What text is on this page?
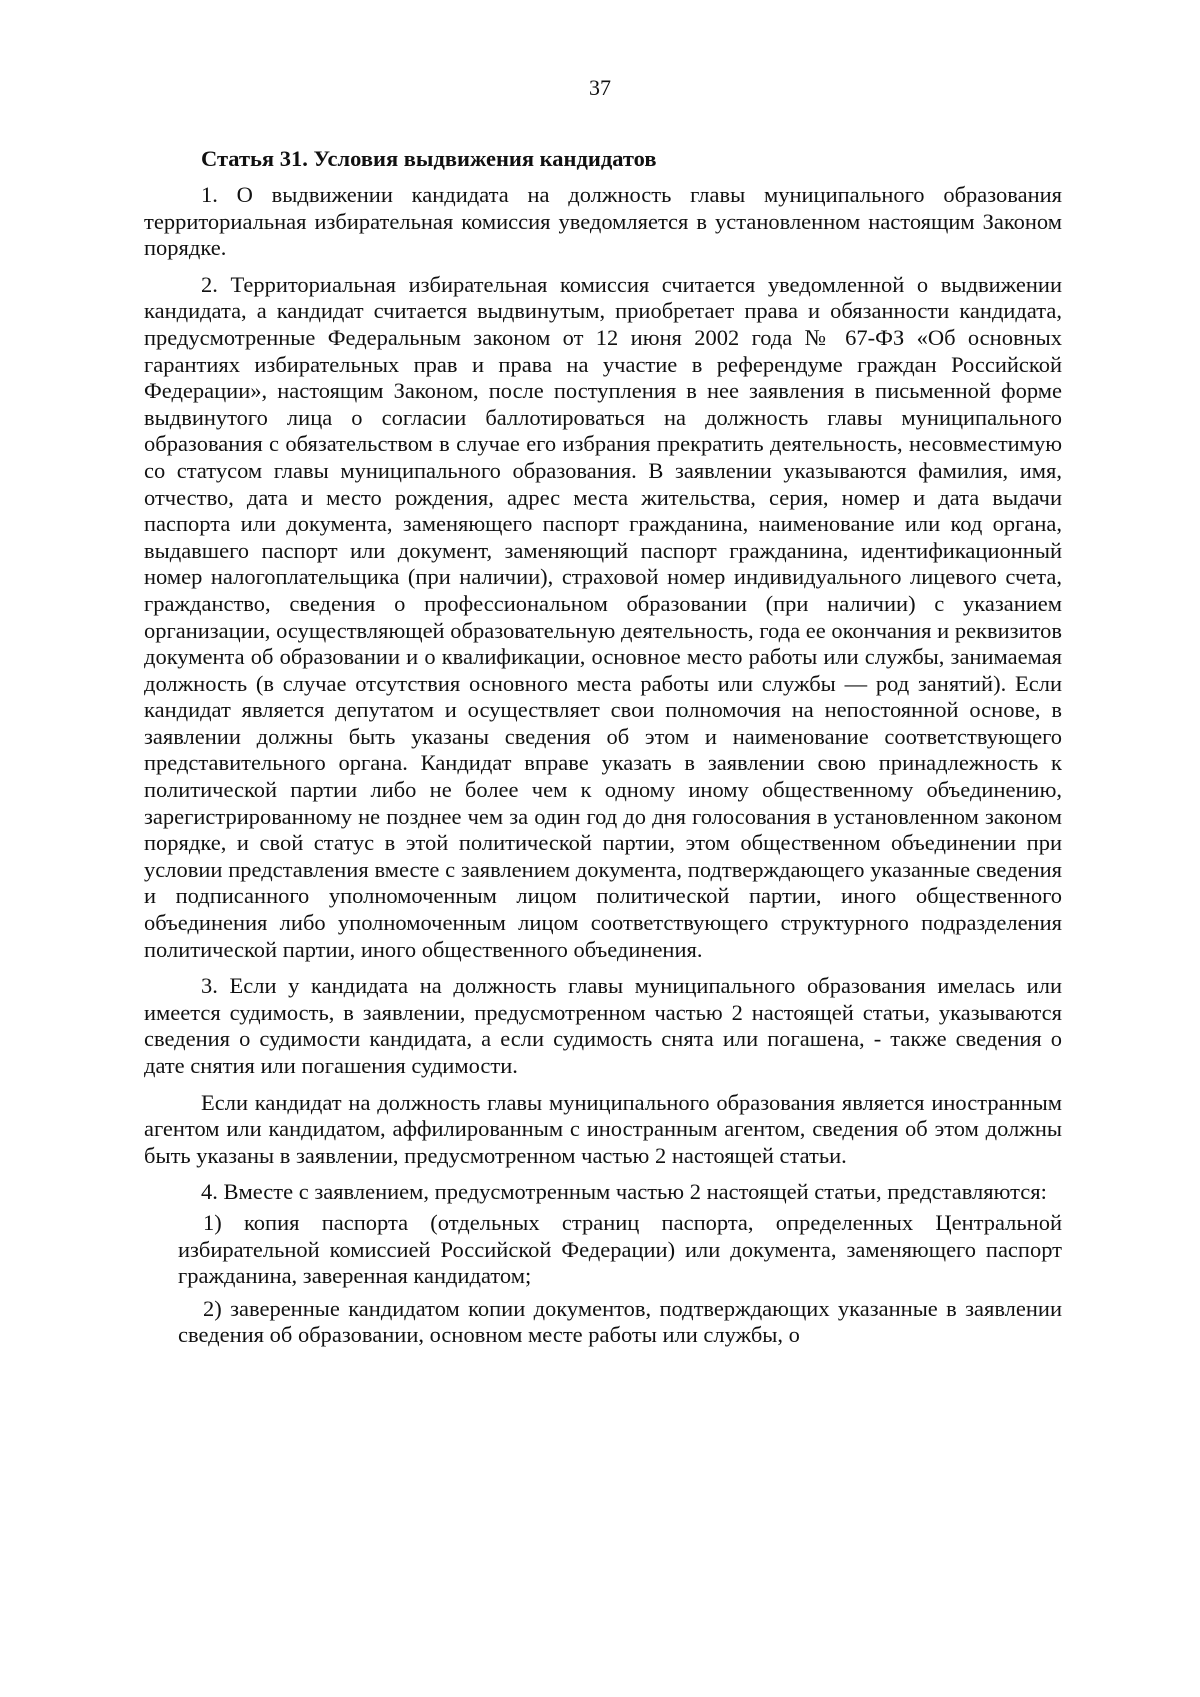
37
Статья 31. Условия выдвижения кандидатов

1. О выдвижении кандидата на должность главы муниципального образования территориальная избирательная комиссия уведомляется в установленном настоящим Законом порядке.

2. Территориальная избирательная комиссия считается уведомленной о выдвижении кандидата, а кандидат считается выдвинутым, приобретает права и обязанности кандидата, предусмотренные Федеральным законом от 12 июня 2002 года № 67-ФЗ «Об основных гарантиях избирательных прав и права на участие в референдуме граждан Российской Федерации», настоящим Законом, после поступления в нее заявления в письменной форме выдвинутого лица о согласии баллотироваться на должность главы муниципального образования с обязательством в случае его избрания прекратить деятельность, несовместимую со статусом главы муниципального образования. В заявлении указываются фамилия, имя, отчество, дата и место рождения, адрес места жительства, серия, номер и дата выдачи паспорта или документа, заменяющего паспорт гражданина, наименование или код органа, выдавшего паспорт или документ, заменяющий паспорт гражданина, идентификационный номер налогоплательщика (при наличии), страховой номер индивидуального лицевого счета, гражданство, сведения о профессиональном образовании (при наличии) с указанием организации, осуществляющей образовательную деятельность, года ее окончания и реквизитов документа об образовании и о квалификации, основное место работы или службы, занимаемая должность (в случае отсутствия основного места работы или службы — род занятий). Если кандидат является депутатом и осуществляет свои полномочия на непостоянной основе, в заявлении должны быть указаны сведения об этом и наименование соответствующего представительного органа. Кандидат вправе указать в заявлении свою принадлежность к политической партии либо не более чем к одному иному общественному объединению, зарегистрированному не позднее чем за один год до дня голосования в установленном законом порядке, и свой статус в этой политической партии, этом общественном объединении при условии представления вместе с заявлением документа, подтверждающего указанные сведения и подписанного уполномоченным лицом политической партии, иного общественного объединения либо уполномоченным лицом соответствующего структурного подразделения политической партии, иного общественного объединения.

3. Если у кандидата на должность главы муниципального образования имелась или имеется судимость, в заявлении, предусмотренном частью 2 настоящей статьи, указываются сведения о судимости кандидата, а если судимость снята или погашена, - также сведения о дате снятия или погашения судимости.

Если кандидат на должность главы муниципального образования является иностранным агентом или кандидатом, аффилированным с иностранным агентом, сведения об этом должны быть указаны в заявлении, предусмотренном частью 2 настоящей статьи.

4. Вместе с заявлением, предусмотренным частью 2 настоящей статьи, представляются:

1) копия паспорта (отдельных страниц паспорта, определенных Центральной избирательной комиссией Российской Федерации) или документа, заменяющего паспорт гражданина, заверенная кандидатом;

2) заверенные кандидатом копии документов, подтверждающих указанные в заявлении сведения об образовании, основном месте работы или службы, о
